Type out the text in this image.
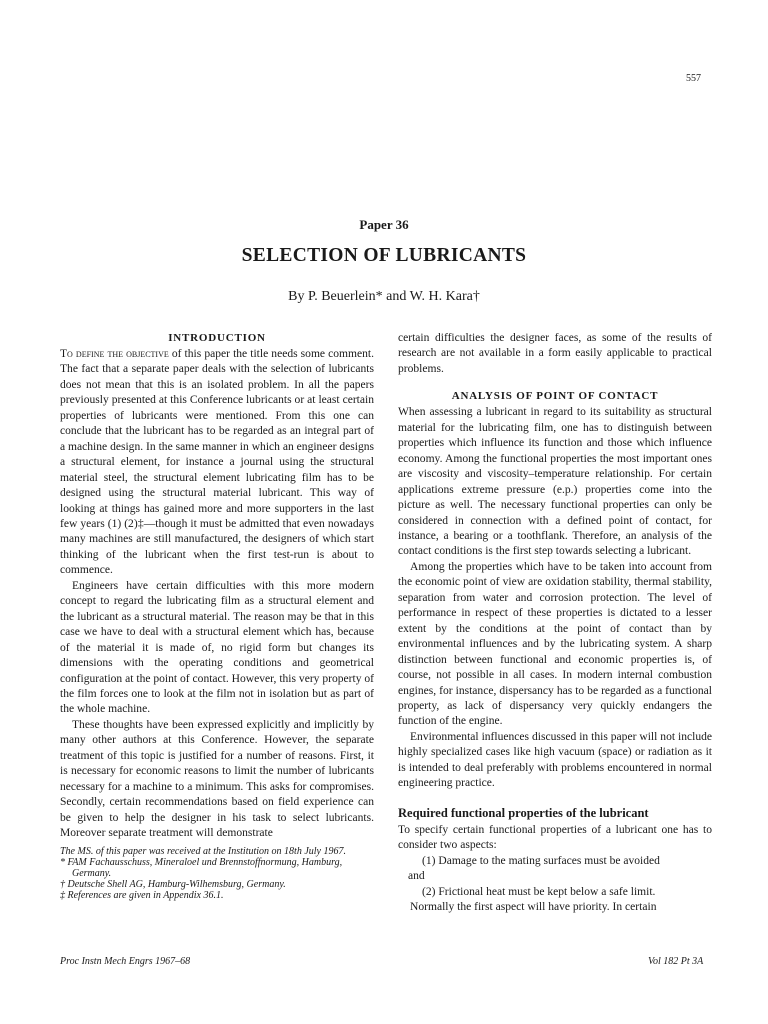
557
Paper 36
SELECTION OF LUBRICANTS
By P. Beuerlein* and W. H. Kara†
INTRODUCTION

To define the objective of this paper the title needs some comment. The fact that a separate paper deals with the selection of lubricants does not mean that this is an isolated problem. In all the papers previously presented at this Conference lubricants or at least certain properties of lubricants were mentioned. From this one can conclude that the lubricant has to be regarded as an integral part of a machine design. In the same manner in which an engineer designs a structural element, for instance a journal using the structural material steel, the structural element lubricating film has to be designed using the structural material lubricant. This way of looking at things has gained more and more supporters in the last few years (1) (2)‡—though it must be admitted that even nowadays many machines are still manufactured, the designers of which start thinking of the lubricant when the first test-run is about to commence.

Engineers have certain difficulties with this more modern concept to regard the lubricating film as a structural element and the lubricant as a structural material. The reason may be that in this case we have to deal with a structural element which has, because of the material it is made of, no rigid form but changes its dimensions with the operating conditions and geometrical configuration at the point of contact. However, this very property of the film forces one to look at the film not in isolation but as part of the whole machine.

These thoughts have been expressed explicitly and implicitly by many other authors at this Conference. However, the separate treatment of this topic is justified for a number of reasons. First, it is necessary for economic reasons to limit the number of lubricants necessary for a machine to a minimum. This asks for compromises. Secondly, certain recommendations based on field experience can be given to help the designer in his task to select lubricants. Moreover separate treatment will demonstrate

The MS. of this paper was received at the Institution on 18th July 1967.
* FAM Fachausschuss, Mineraloel und Brennstoffnormung, Hamburg, Germany.
† Deutsche Shell AG, Hamburg-Wilhemsburg, Germany.
‡ References are given in Appendix 36.1.

certain difficulties the designer faces, as some of the results of research are not available in a form easily applicable to practical problems.

ANALYSIS OF POINT OF CONTACT

When assessing a lubricant in regard to its suitability as structural material for the lubricating film, one has to distinguish between properties which influence its function and those which influence economy. Among the functional properties the most important ones are viscosity and viscosity–temperature relationship. For certain applications extreme pressure (e.p.) properties come into the picture as well. The necessary functional properties can only be considered in connection with a defined point of contact, for instance, a bearing or a toothflank. Therefore, an analysis of the contact conditions is the first step towards selecting a lubricant.

Among the properties which have to be taken into account from the economic point of view are oxidation stability, thermal stability, separation from water and corrosion protection. The level of performance in respect of these properties is dictated to a lesser extent by the conditions at the point of contact than by environmental influences and by the lubricating system. A sharp distinction between functional and economic properties is, of course, not possible in all cases. In modern internal combustion engines, for instance, dispersancy has to be regarded as a functional property, as lack of dispersancy very quickly endangers the function of the engine.

Environmental influences discussed in this paper will not include highly specialized cases like high vacuum (space) or radiation as it is intended to deal preferably with problems encountered in normal engineering practice.

Required functional properties of the lubricant

To specify certain functional properties of a lubricant one has to consider two aspects:

(1) Damage to the mating surfaces must be avoided

and

(2) Frictional heat must be kept below a safe limit.

Normally the first aspect will have priority. In certain

Proc Instn Mech Engrs 1967–68	Vol 182 Pt 3A
